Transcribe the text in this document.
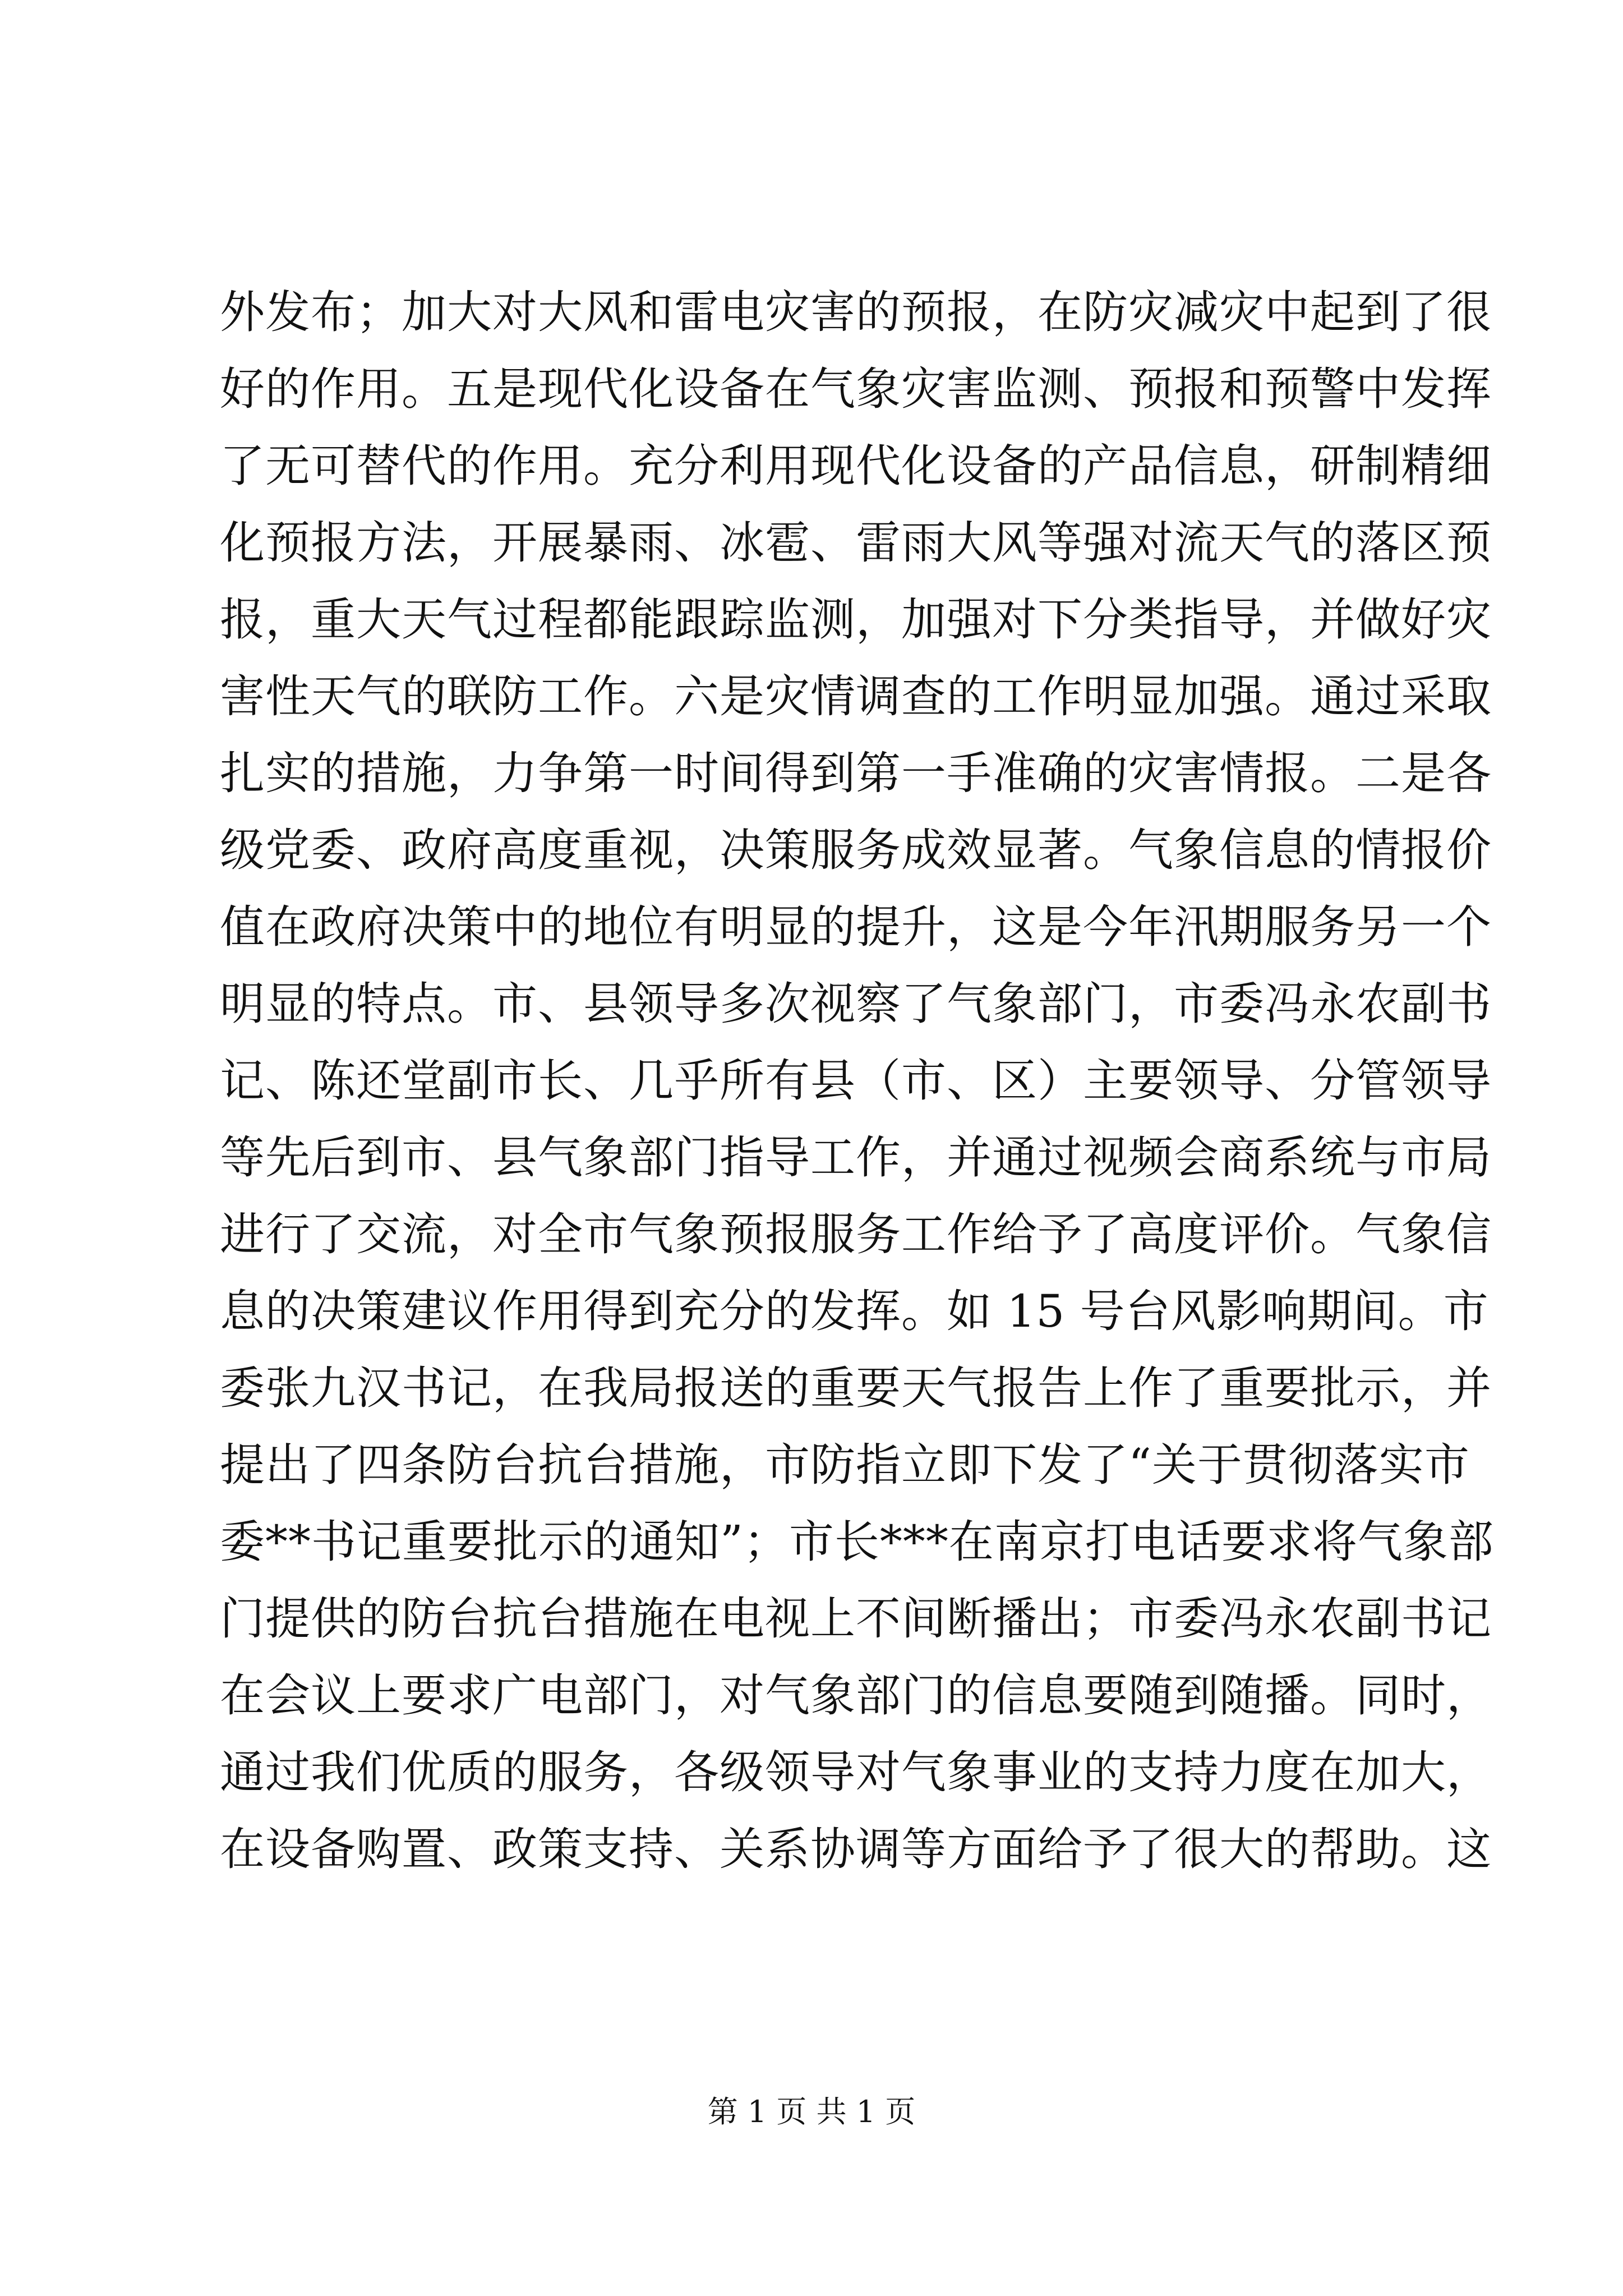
外发布；加大对大风和雷电灾害的预报，在防灾减灾中起到了很
好的作用。五是现代化设备在气象灾害监测、预报和预警中发挥
了无可替代的作用。充分利用现代化设备的产品信息，研制精细
化预报方法，开展暴雨、冰雹、雷雨大风等强对流天气的落区预
报，重大天气过程都能跟踪监测，加强对下分类指导，并做好灾
害性天气的联防工作。六是灾情调查的工作明显加强。通过采取
扎实的措施，力争第一时间得到第一手准确的灾害情报。二是各
级党委、政府高度重视，决策服务成效显著。气象信息的情报价
值在政府决策中的地位有明显的提升，这是今年汛期服务另一个
明显的特点。市、县领导多次视察了气象部门，市委冯永农副书
记、陈还堂副市长、几乎所有县（市、区）主要领导、分管领导
等先后到市、县气象部门指导工作，并通过视频会商系统与市局
进行了交流，对全市气象预报服务工作给予了高度评价。气象信
息的决策建议作用得到充分的发挥。如 15 号台风影响期间。市
委张九汉书记，在我局报送的重要天气报告上作了重要批示，并
提出了四条防台抗台措施，市防指立即下发了“关于贯彻落实市
委**书记重要批示的通知”；市长***在南京打电话要求将气象部
门提供的防台抗台措施在电视上不间断播出；市委冯永农副书记
在会议上要求广电部门，对气象部门的信息要随到随播。同时，
通过我们优质的服务，各级领导对气象事业的支持力度在加大，
在设备购置、政策支持、关系协调等方面给予了很大的帮助。这
第 1 页 共 1 页
